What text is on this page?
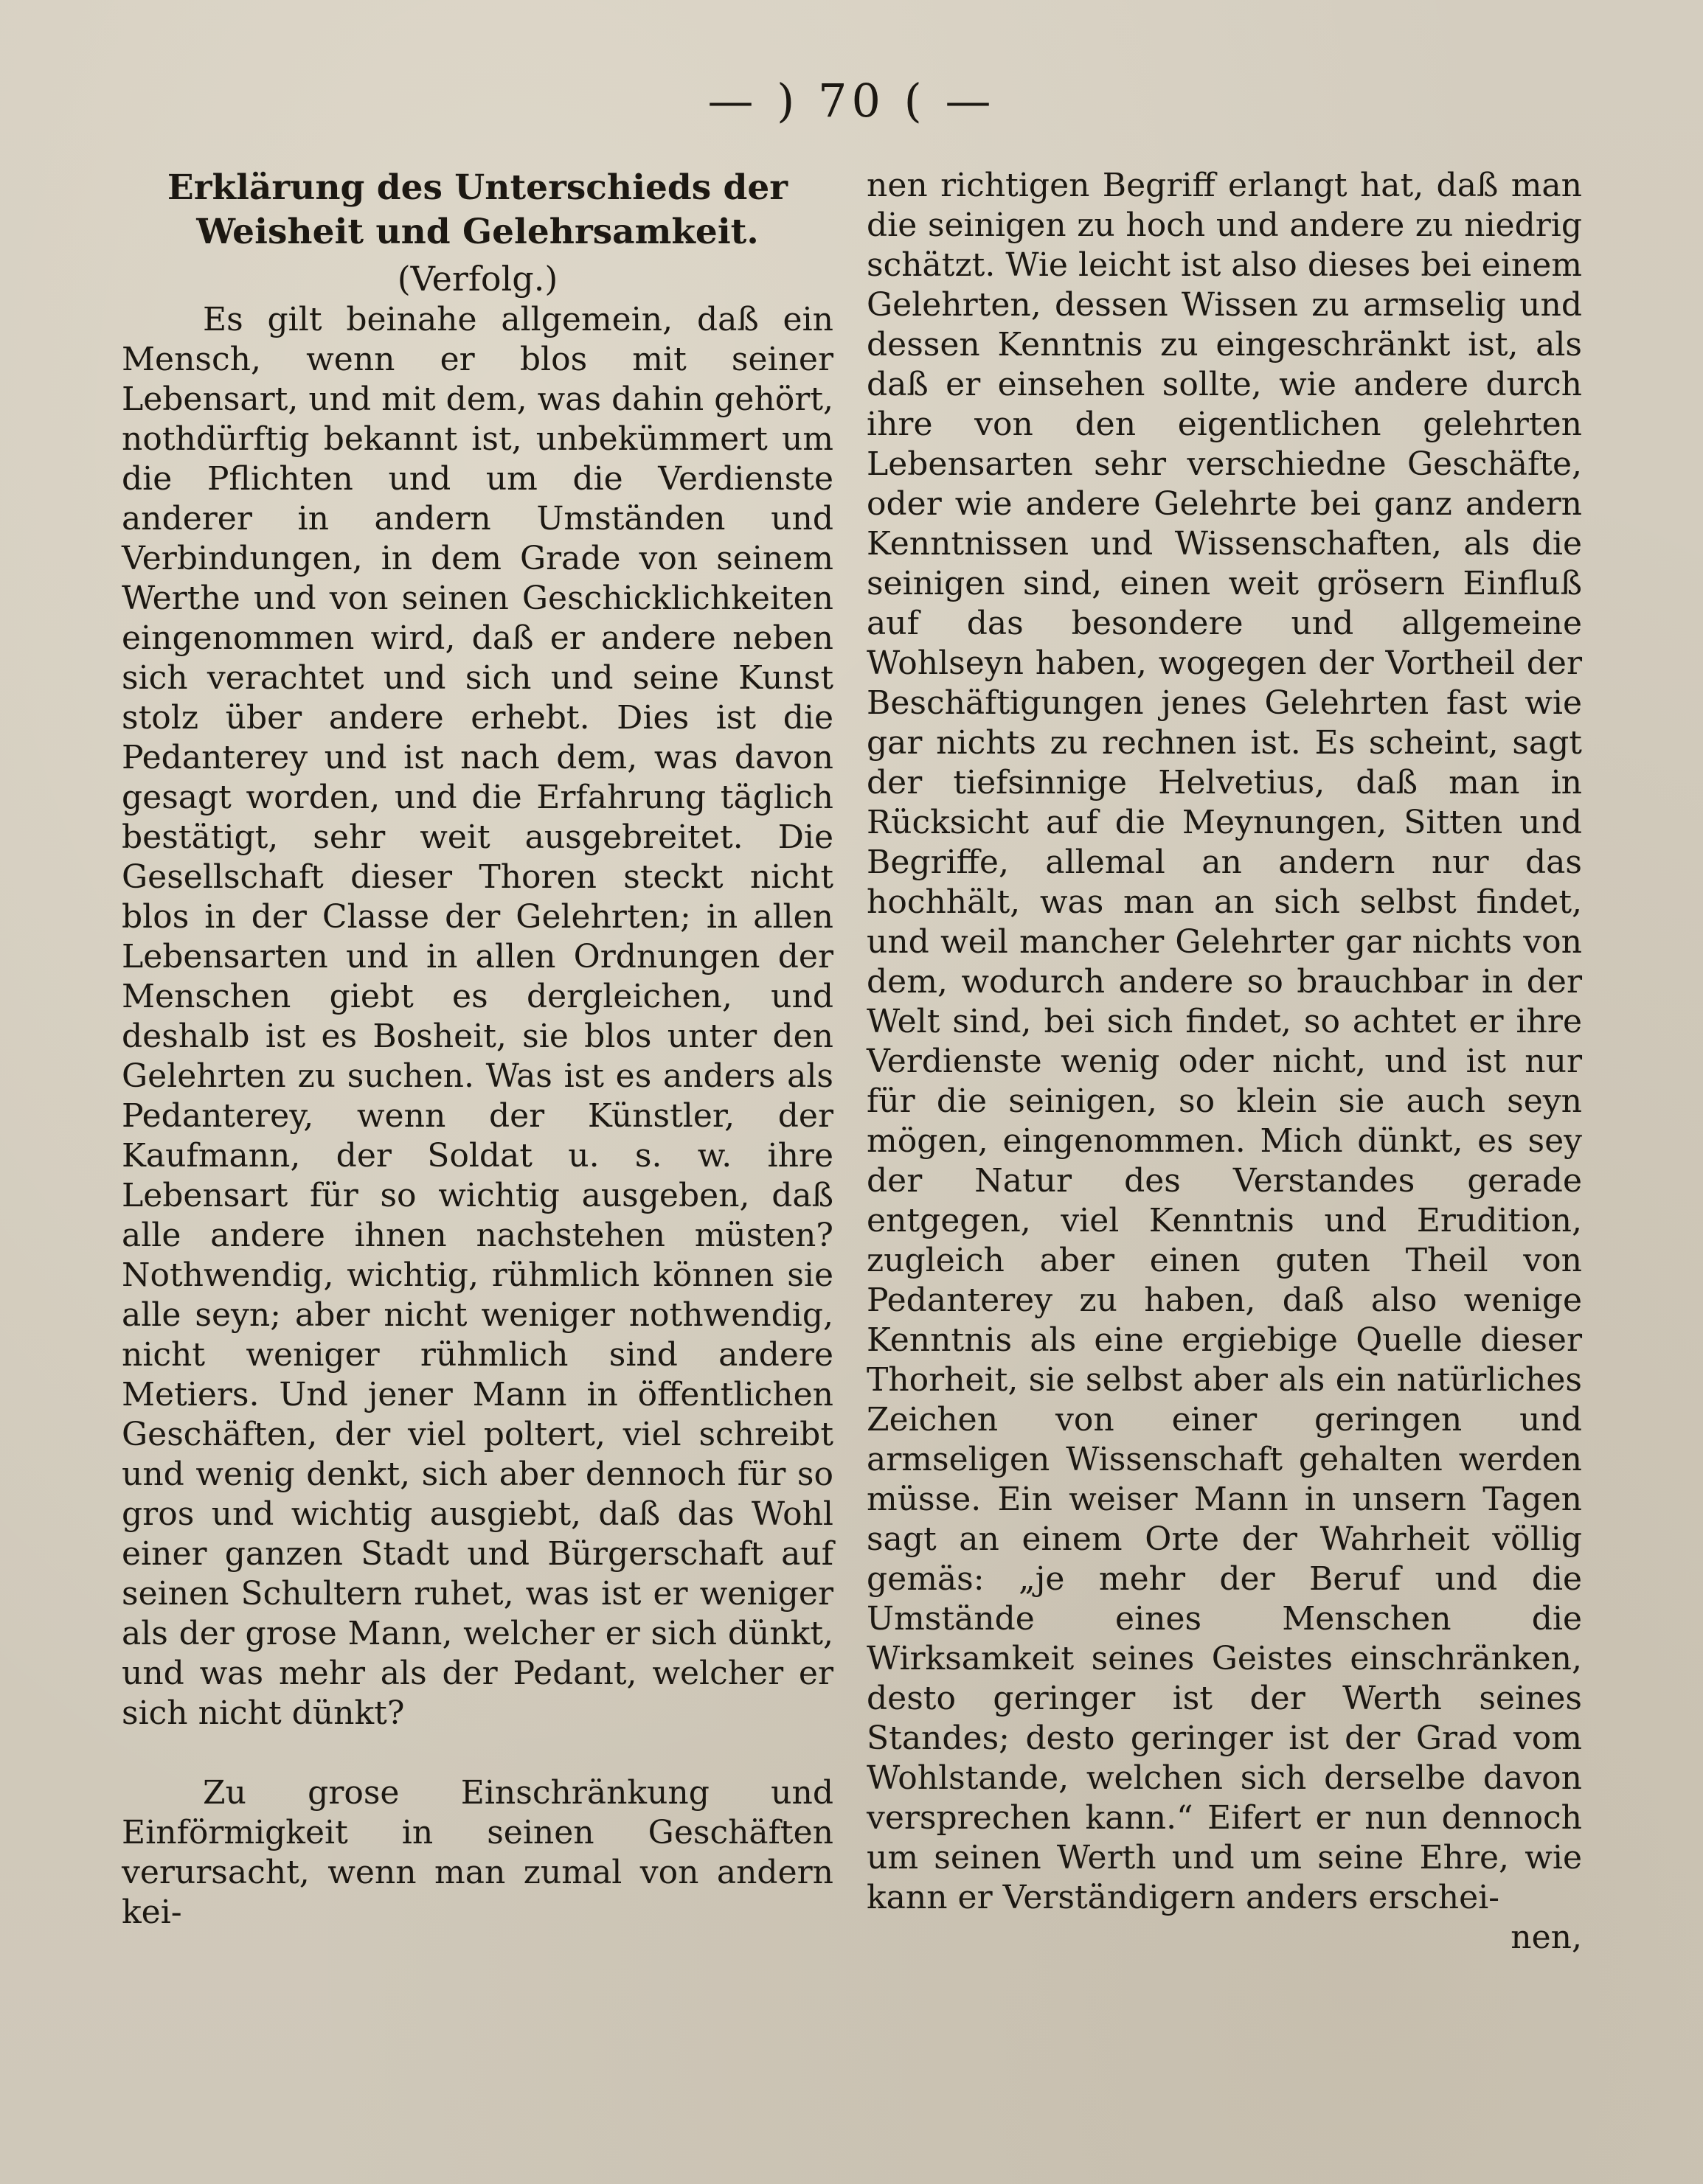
— ) 70 ( —
Erklärung des Unterschieds der Weisheit und Gelehrsamkeit.
(Verfolg.)

Es gilt beinahe allgemein, daß ein Mensch, wenn er blos mit seiner Lebensart, und mit dem, was dahin gehört, nothdürftig bekannt ist, unbekümmert um die Pflichten und um die Verdienste anderer in andern Umständen und Verbindungen, in dem Grade von seinem Werthe und von seinen Geschicklichkeiten eingenommen wird, daß er andere neben sich verachtet und sich und seine Kunst stolz über andere erhebt. Dies ist die Pedanterey und ist nach dem, was davon gesagt worden, und die Erfahrung täglich bestätigt, sehr weit ausgebreitet. Die Gesellschaft dieser Thoren steckt nicht blos in der Classe der Gelehrten; in allen Lebensarten und in allen Ordnungen der Menschen giebt es dergleichen, und deshalb ist es Bosheit, sie blos unter den Gelehrten zu suchen. Was ist es anders als Pedanterey, wenn der Künstler, der Kaufmann, der Soldat u. s. w. ihre Lebensart für so wichtig ausgeben, daß alle andere ihnen nachstehen müsten? Nothwendig, wichtig, rühmlich können sie alle seyn; aber nicht weniger nothwendig, nicht weniger rühmlich sind andere Metiers. Und jener Mann in öffentlichen Geschäften, der viel poltert, viel schreibt und wenig denkt, sich aber dennoch für so gros und wichtig ausgiebt, daß das Wohl einer ganzen Stadt und Bürgerschaft auf seinen Schultern ruhet, was ist er weniger als der grose Mann, welcher er sich dünkt, und was mehr als der Pedant, welcher er sich nicht dünkt?

Zu grose Einschränkung und Einförmigkeit in seinen Geschäften verursacht, wenn man zumal von andern kei-

nen richtigen Begriff erlangt hat, daß man die seinigen zu hoch und andere zu niedrig schätzt. Wie leicht ist also dieses bei einem Gelehrten, dessen Wissen zu armselig und dessen Kenntnis zu eingeschränkt ist, als daß er einsehen sollte, wie andere durch ihre von den eigentlichen gelehrten Lebensarten sehr verschiedne Geschäfte, oder wie andere Gelehrte bei ganz andern Kenntnissen und Wissenschaften, als die seinigen sind, einen weit grösern Einfluß auf das besondere und allgemeine Wohlseyn haben, wogegen der Vortheil der Beschäftigungen jenes Gelehrten fast wie gar nichts zu rechnen ist. Es scheint, sagt der tiefsinnige Helvetius, daß man in Rücksicht auf die Meynungen, Sitten und Begriffe, allemal an andern nur das hochhält, was man an sich selbst findet, und weil mancher Gelehrter gar nichts von dem, wodurch andere so brauchbar in der Welt sind, bei sich findet, so achtet er ihre Verdienste wenig oder nicht, und ist nur für die seinigen, so klein sie auch seyn mögen, eingenommen. Mich dünkt, es sey der Natur des Verstandes gerade entgegen, viel Kenntnis und Erudition, zugleich aber einen guten Theil von Pedanterey zu haben, daß also wenige Kenntnis als eine ergiebige Quelle dieser Thorheit, sie selbst aber als ein natürliches Zeichen von einer geringen und armseligen Wissenschaft gehalten werden müsse. Ein weiser Mann in unsern Tagen sagt an einem Orte der Wahrheit völlig gemäs: „je mehr der Beruf und die Umstände eines Menschen die Wirksamkeit seines Geistes einschränken, desto geringer ist der Werth seines Standes; desto geringer ist der Grad vom Wohlstande, welchen sich derselbe davon versprechen kann.“ Eifert er nun dennoch um seinen Werth und um seine Ehre, wie kann er Verständigern anders erschei-

nen,
